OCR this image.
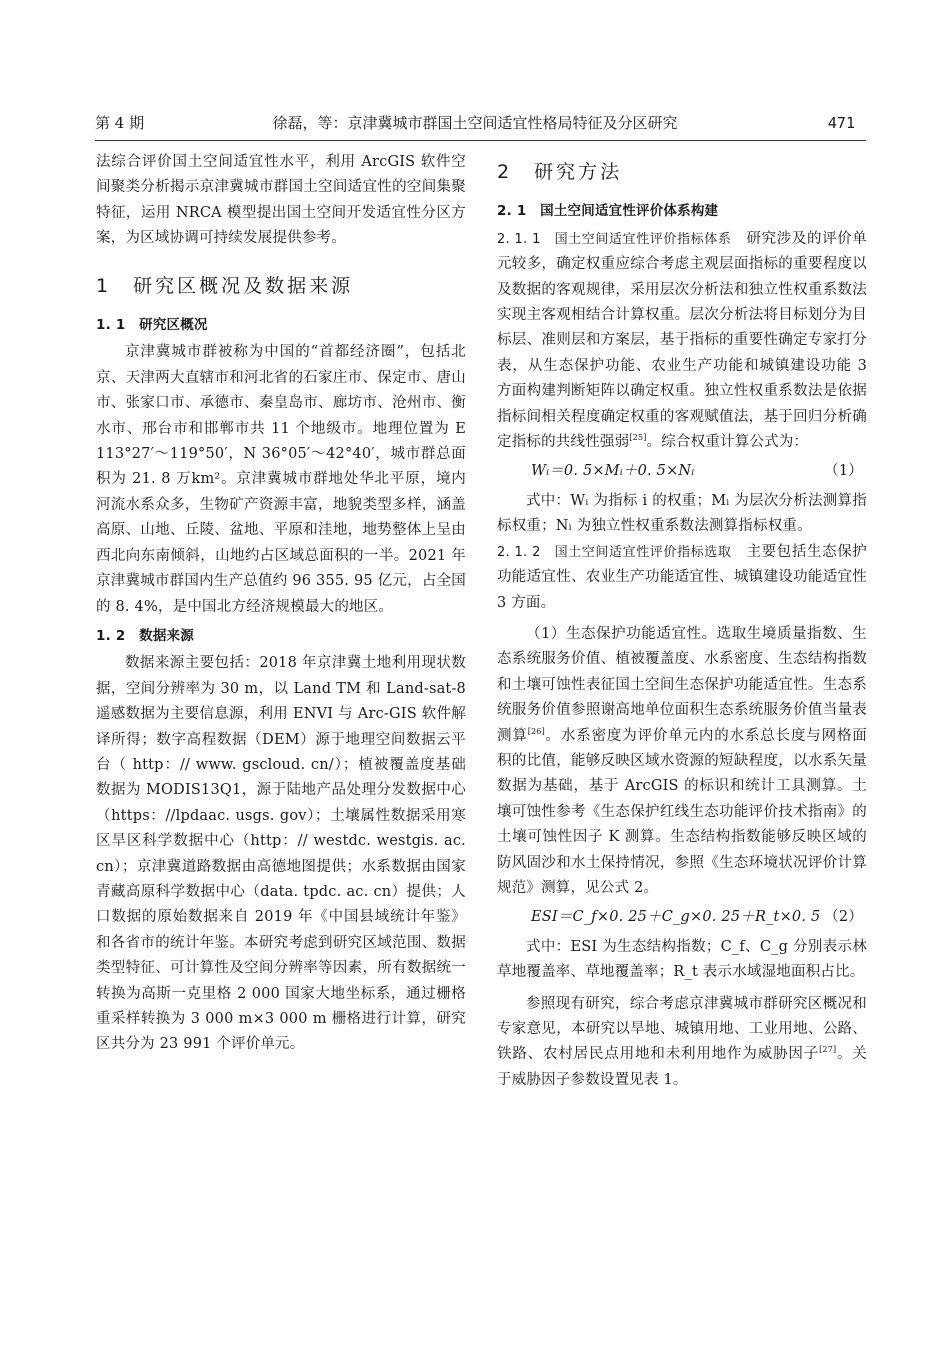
第 4 期	徐磊，等：京津冀城市群国土空间适宜性格局特征及分区研究	471

法综合评价国土空间适宜性水平，利用 ArcGIS 软件空间聚类分析揭示京津冀城市群国土空间适宜性的空间集聚特征，运用 NRCA 模型提出国土空间开发适宜性分区方案，为区域协调可持续发展提供参考。

1　研究区概况及数据来源
1. 1　研究区概况

京津冀城市群被称为中国的“首都经济圈”，包括北京、天津两大直辖市和河北省的石家庄市、保定市、唐山市、张家口市、承德市、秦皇岛市、廊坊市、沧州市、衡水市、邢台市和邯郸市共 11 个地级市。地理位置为 E 113°27′～119°50′，N 36°05′～42°40′，城市群总面积为 21. 8 万km²。京津冀城市群地处华北平原，境内河流水系众多，生物矿产资源丰富，地貌类型多样，涵盖高原、山地、丘陵、盆地、平原和洼地，地势整体上呈由西北向东南倾斜，山地约占区域总面积的一半。2021 年京津冀城市群国内生产总值约 96 355. 95 亿元，占全国的 8. 4%，是中国北方经济规模最大的地区。

1. 2　数据来源

数据来源主要包括：2018 年京津冀土地利用现状数据，空间分辨率为 30 m，以 Land TM 和 Land-sat-8 遥感数据为主要信息源，利用 ENVI 与 Arc-GIS 软件解译所得；数字高程数据（DEM）源于地理空间数据云平台（ http：// www. gscloud. cn/）；植被覆盖度基础数据为 MODIS13Q1，源于陆地产品处理分发数据中心（https：//lpdaac. usgs. gov）；土壤属性数据采用寒区旱区科学数据中心（http：// westdc. westgis. ac. cn）；京津冀道路数据由高德地图提供；水系数据由国家青藏高原科学数据中心（data. tpdc. ac. cn）提供；人口数据的原始数据来自 2019 年《中国县域统计年鉴》和各省市的统计年鉴。本研究考虑到研究区域范围、数据类型特征、可计算性及空间分辨率等因素，所有数据统一转换为高斯一克里格 2 000 国家大地坐标系，通过栅格重采样转换为 3 000 m×3 000 m 栅格进行计算，研究区共分为 23 991 个评价单元。

2　研究方法
2. 1　国土空间适宜性评价体系构建

2. 1. 1　国土空间适宜性评价指标体系　 研究涉及的评价单元较多，确定权重应综合考虑主观层面指标的重要程度以及数据的客观规律，采用层次分析法和独立性权重系数法实现主客观相结合计算权重。层次分析法将目标划分为目标层、准则层和方案层，基于指标的重要性确定专家打分表，从生态保护功能、农业生产功能和城镇建设功能 3 方面构建判断矩阵以确定权重。独立性权重系数法是依据指标间相关程度确定权重的客观赋值法，基于回归分析确定指标的共线性强弱[25]。综合权重计算公式为：

Wᵢ＝0. 5×Mᵢ＋0. 5×Nᵢ	（1）

式中：Wᵢ 为指标 i 的权重；Mᵢ 为层次分析法测算指标权重；Nᵢ 为独立性权重系数法测算指标权重。

2. 1. 2　国土空间适宜性评价指标选取　 主要包括生态保护功能适宜性、农业生产功能适宜性、城镇建设功能适宜性 3 方面。

（1）生态保护功能适宜性。选取生境质量指数、生态系统服务价值、植被覆盖度、水系密度、生态结构指数和土壤可蚀性表征国土空间生态保护功能适宜性。生态系统服务价值参照谢高地单位面积生态系统服务价值当量表测算[26]。水系密度为评价单元内的水系总长度与网格面积的比值，能够反映区域水资源的短缺程度，以水系矢量数据为基础，基于 ArcGIS 的标识和统计工具测算。土壤可蚀性参考《生态保护红线生态功能评价技术指南》的土壤可蚀性因子 K 测算。生态结构指数能够反映区域的防风固沙和水土保持情况，参照《生态环境状况评价计算规范》测算，见公式 2。

ESI＝C_f×0. 25＋C_g×0. 25＋R_t×0. 5 （2）

式中：ESI 为生态结构指数；C_f、C_g 分别表示林草地覆盖率、草地覆盖率；R_t 表示水域湿地面积占比。

参照现有研究，综合考虑京津冀城市群研究区概况和专家意见，本研究以旱地、城镇用地、工业用地、公路、铁路、农村居民点用地和未利用地作为威胁因子[27]。关于威胁因子参数设置见表 1。
